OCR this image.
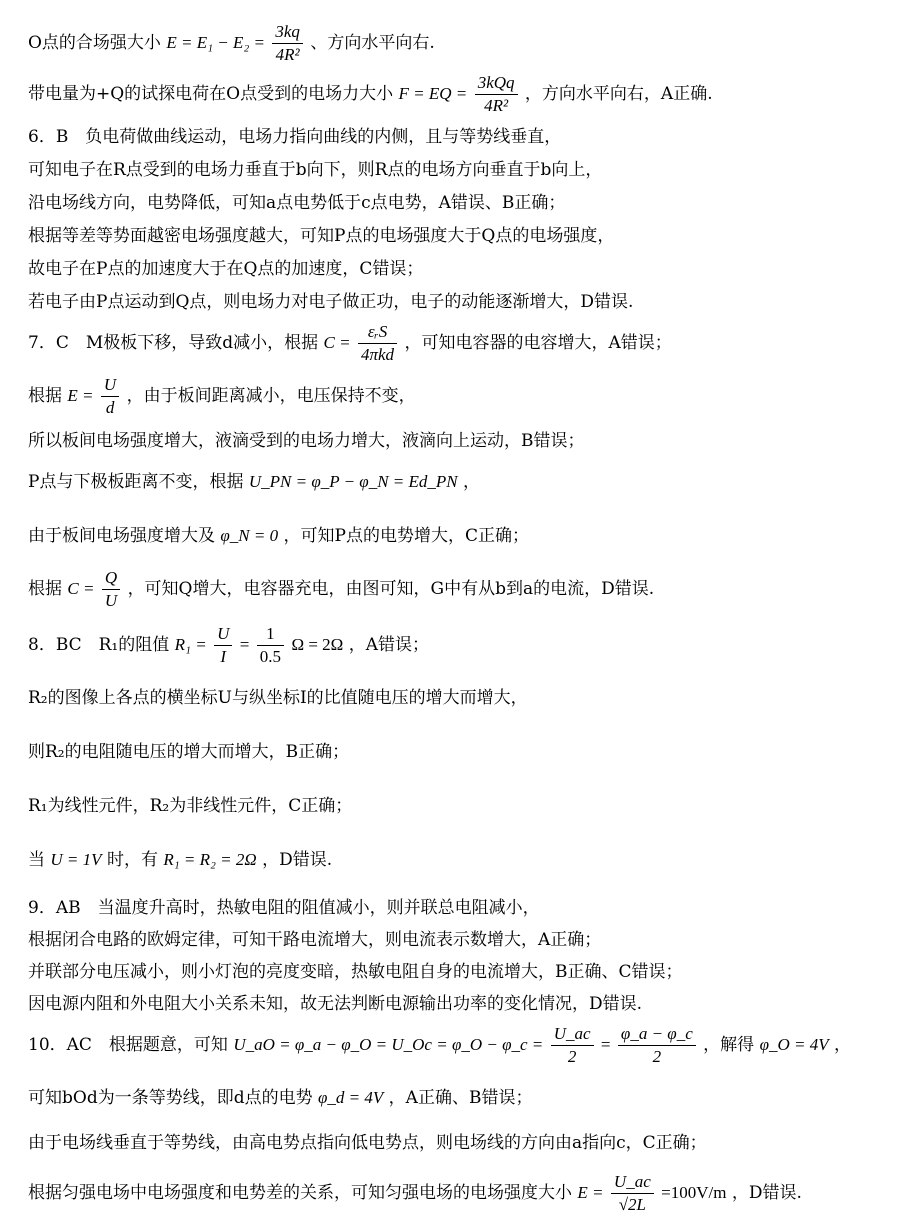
O点的合场强大小 $E = E_1 - E_2 = \frac{3kq}{\text{4R²}}$ 、方向水平向右.
带电量为+Q的试探电荷在O点受到的电场力大小 F = EQ = $\frac{\text{3kQq}}{\text{4R²}}$ ，方向水平向右，A正确.
6．B　负电荷做曲线运动，电场力指向曲线的内侧，且与等势线垂直，
可知电子在R点受到的电场力垂直于b向下，则R点的电场方向垂直于b向上，
沿电场线方向，电势降低，可知a点电势低于c点电势，A错误、B正确；
根据等差等势面越密电场强度越大，可知P点的电场强度大于Q点的电场强度，
故电子在P点的加速度大于在Q点的加速度，C错误；
若电子由P点运动到Q点，则电场力对电子做正功，电子的动能逐渐增大，D错误.
7．C　M极板下移，导致d减小，根据 $C = \frac{\text{εᵣS}}{\text{4πkd}}$ ，可知电容器的电容增大，A错误；
根据 $E = \frac{U}{d}$ ，由于板间距离减小，电压保持不变，
所以板间电场强度增大，液滴受到的电场力增大，液滴向上运动，B错误；
P点与下极板距离不变，根据 U_PN = φ_P − φ_N = Ed_PN ，
由于板间电场强度增大及 φ_N = 0 ，可知P点的电势增大，C正确；
根据 $C = \frac{Q}{U}$ ，可知Q增大，电容器充电，由图可知，G中有从b到a的电流，D错误.
8．BC　R₁的阻值 $R_1 = \frac{U}{I} = \frac{1}{0.5}$ Ω = 2Ω ，A错误；
R₂的图像上各点的横坐标U与纵坐标I的比值随电压的增大而增大，
则R₂的电阻随电压的增大而增大，B正确；
R₁为线性元件，R₂为非线性元件，C正确；
当 U = 1V 时，有 R₁ = R₂ = 2Ω ，D错误.
9．AB　当温度升高时，热敏电阻的阻值减小，则并联总电阻减小，
根据闭合电路的欧姆定律，可知干路电流增大，则电流表示数增大，A正确；
并联部分电压减小，则小灯泡的亮度变暗，热敏电阻自身的电流增大，B正确、C错误；
因电源内阻和外电阻大小关系未知，故无法判断电源输出功率的变化情况，D错误.
10．AC　根据题意，可知 U_aO = φ_a − φ_O = U_Oc = φ_O − φ_c = $\frac{U\_ac}{2} = \frac{\varphi\_a - \varphi\_c}{2}$ ，解得 φ_O = 4V ，
可知bOd为一条等势线，即d点的电势 φ_d = 4V ，A正确、B错误；
由于电场线垂直于等势线，由高电势点指向低电势点，则电场线的方向由a指向c，C正确；
根据匀强电场中电场强度和电势差的关系，可知匀强电场的电场强度大小 $E = \frac{U\_ac}{√2L} =100V/m$ ，D错误.
